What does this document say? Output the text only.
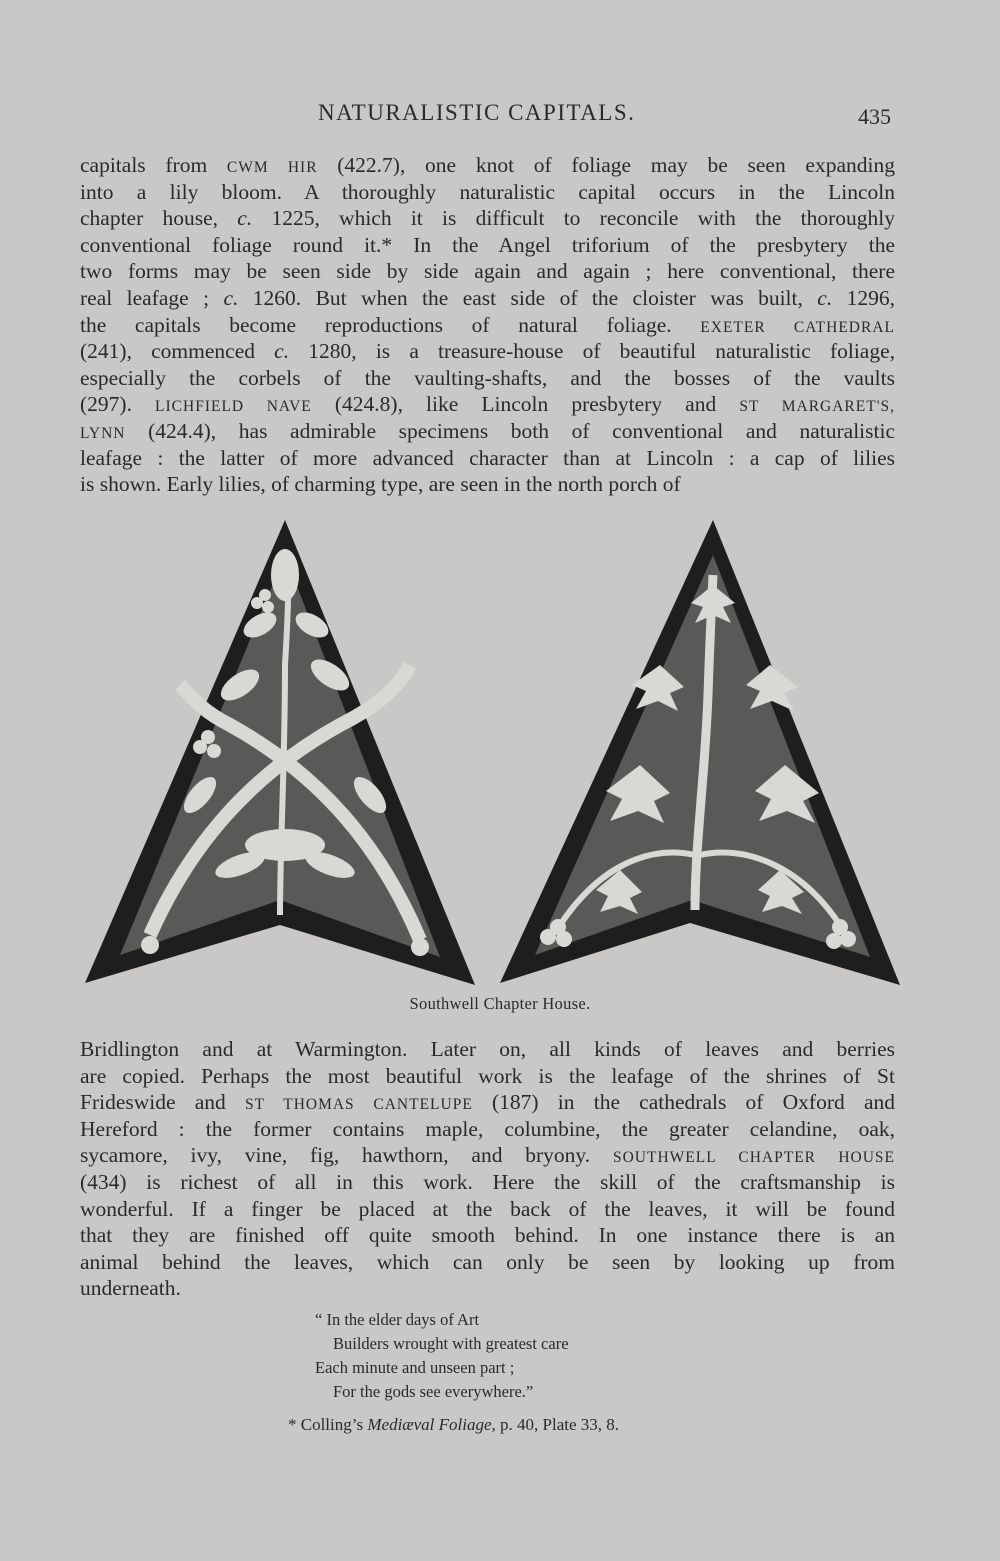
NATURALISTIC CAPITALS.	435
capitals from CWM HIR (422.7), one knot of foliage may be seen expanding
into a lily bloom. A thoroughly naturalistic capital occurs in the Lincoln
chapter house, c. 1225, which it is difficult to reconcile with the thoroughly
conventional foliage round it.* In the Angel triforium of the presbytery the
two forms may be seen side by side again and again ; here conventional, there
real leafage ; c. 1260. But when the east side of the cloister was built, c. 1296,
the capitals become reproductions of natural foliage. EXETER CATHEDRAL
(241), commenced c. 1280, is a treasure-house of beautiful naturalistic foliage,
especially the corbels of the vaulting-shafts, and the bosses of the vaults
(297). LICHFIELD NAVE (424.8), like Lincoln presbytery and ST MARGARET'S,
LYNN (424.4), has admirable specimens both of conventional and naturalistic
leafage : the latter of more advanced character than at Lincoln : a cap of lilies
is shown. Early lilies, of charming type, are seen in the north porch of
Southwell Chapter House.
Bridlington and at Warmington. Later on, all kinds of leaves and berries
are copied. Perhaps the most beautiful work is the leafage of the shrines of St
Frideswide and ST THOMAS CANTELUPE (187) in the cathedrals of Oxford and
Hereford : the former contains maple, columbine, the greater celandine, oak,
sycamore, ivy, vine, fig, hawthorn, and bryony. SOUTHWELL CHAPTER HOUSE
(434) is richest of all in this work. Here the skill of the craftsmanship is
wonderful. If a finger be placed at the back of the leaves, it will be found
that they are finished off quite smooth behind. In one instance there is an
animal behind the leaves, which can only be seen by looking up from
underneath.
“ In the elder days of Art
Builders wrought with greatest care
Each minute and unseen part ;
For the gods see everywhere.”
* Colling’s Mediæval Foliage, p. 40, Plate 33, 8.
